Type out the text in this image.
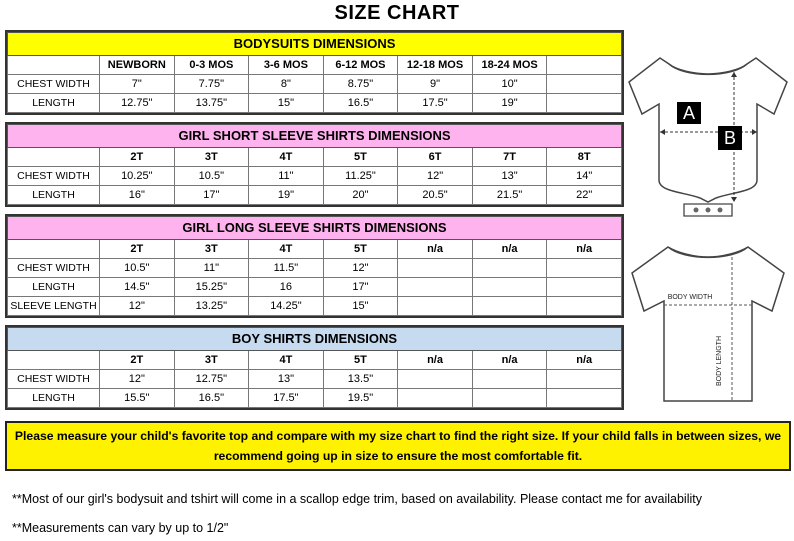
SIZE CHART
BODYSUITS DIMENSIONS							
	NEWBORN	0-3 MOS	3-6 MOS	6-12 MOS	12-18 MOS	18-24 MOS	
CHEST WIDTH	7"	7.75"	8"	8.75"	9"	10"	
LENGTH	12.75"	13.75"	15"	16.5"	17.5"	19"	
GIRL SHORT SLEEVE SHIRTS DIMENSIONS							
	2T	3T	4T	5T	6T	7T	8T
CHEST WIDTH	10.25"	10.5"	11"	11.25"	12"	13"	14"
LENGTH	16"	17"	19"	20"	20.5"	21.5"	22"
GIRL LONG SLEEVE SHIRTS DIMENSIONS							
	2T	3T	4T	5T	n/a	n/a	n/a
CHEST WIDTH	10.5"	11"	11.5"	12"			
LENGTH	14.5"	15.25"	16	17"			
SLEEVE LENGTH	12"	13.25"	14.25"	15"			
BOY SHIRTS DIMENSIONS							
	2T	3T	4T	5T	n/a	n/a	n/a
CHEST WIDTH	12"	12.75"	13"	13.5"			
LENGTH	15.5"	16.5"	17.5"	19.5"			
A
B
BODY WIDTH
BODY LENGTH
Please measure your child's favorite top and compare with my size chart to find the right size. If your child falls in between sizes, we recommend going up in size to ensure the most comfortable fit.
**Most of our girl's bodysuit and tshirt will come in a scallop edge trim, based on availability. Please contact me for availability
**Measurements can vary by up to 1/2"
